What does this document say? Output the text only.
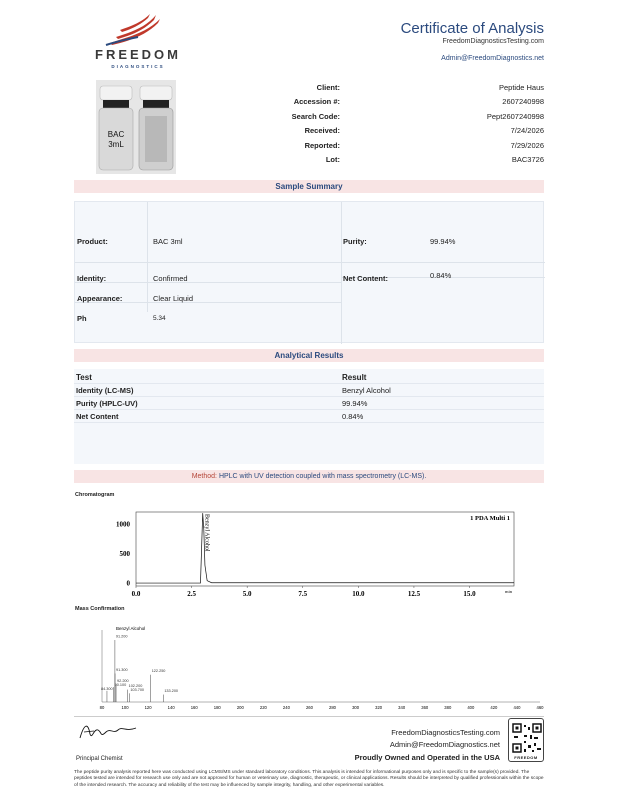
FREEDOM
DIAGNOSTICS
Certificate of Analysis
FreedomDiagnosticsTesting.com
Admin@FreedomDiagnostics.net
BAC
3mL
Client:	Peptide Haus
Accession #:	2607240998
Search Code:	Pept2607240998
Received:	7/24/2026
Reported:	7/29/2026
Lot:	BAC3726
Sample Summary
Product:	BAC 3ml	Purity:	99.94%
Identity:	Confirmed	Net Content:	0.84%
Appearance:	Clear Liquid
Ph	5.34
Analytical Results
Test	Result
Identity (LC-MS)	Benzyl Alcohol
Purity (HPLC-UV)	99.94%
Net Content	0.84%
Method: HPLC with UV detection coupled with mass spectrometry (LC-MS).
Chromatogram
0
500
1000
0.0	2.5	5.0	7.5	10.0	12.5	15.0	min
1 PDA Multi 1
Benzyl Alcohol
Mass Confirmation
Benzyl Alcohol
80	100	120	140	160	180	200	220	240	260	280	300	320	340	360	380	400	420	440	460
84.300
90.100
91.200
91.300
92.200
102.200
103.700
122.250
133.200
Principal Chemist
FreedomDiagnosticsTesting.com
Admin@FreedomDiagnostics.net
Proudly Owned and Operated in the USA	FREEDOM
The peptide purity analysis reported here was conducted using LCMS/MS under standard laboratory conditions. This analysis is intended for informational purposes only and is specific to the sample(s) provided. The peptides tested are intended for research use only and are not approved for human or veterinary use, diagnostic, therapeutic, or clinical applications. Results should be interpreted by qualified professionals within the scope of the intended research. The accuracy and reliability of the test may be influenced by sample integrity, handling, and other experimental variables.
